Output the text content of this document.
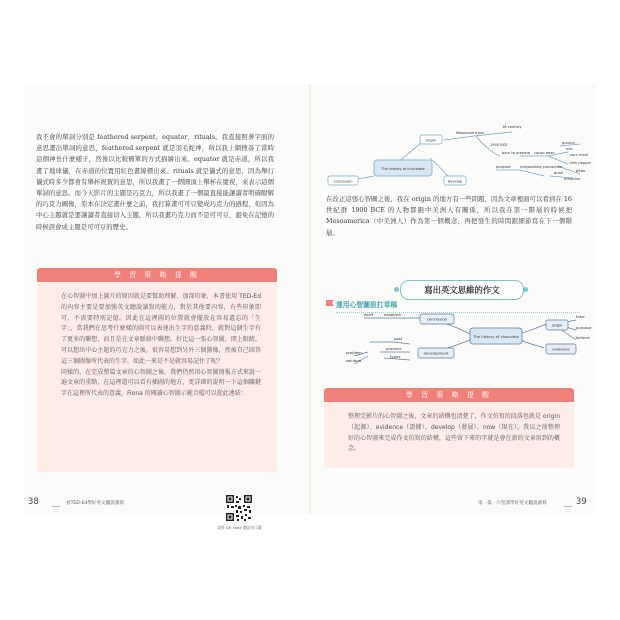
我不會的單詞分別是 feathered serpent、equator、rituals。我直接照著字面的意思畫出單詞的意思，feathered serpent 就是羽毛蛇神，所以我上網搜尋了當時這個神長什麼樣子，然後以比較簡單的方式描繪出來。equator 就是赤道，所以我畫了地球儀，在赤道的位置用紅色畫線標出來。rituals 就是儀式的意思，因為舉行儀式時多少都會有舉杯祝賀的意思，所以我畫了一個圓頂上舉杯在慶祝，來表示這個單詞的意思。而今天影片的主題是巧克力，所以我畫了一個最直接能讓讀者明確瞭解的巧克力圖像，原本在決定畫什麼之前，我打算畫可可豆變成巧克力的過程，但因為中心主題就是要讓讀者直接切入主題，所以我畫巧克力而不是可可豆，避免在記憶的時候誤會成主題是可可豆的歷史。

學 習 策 略 提 醒

在心智圖中加上圖片的原因就是要幫助理解、加深印象，本書使用 TED-Ed 的內容主要是要加強英文聽說讀寫的能力，對於其他要內容，有些印象即可，不需要特別記憶。因此在這裡圖的位置就會擺放在容易遺忘的「生字」，當我們在思考什麼樣的圖可以表達出生字的意義時，就對這個生字有了更多的聯想，而且是在文章脈絡中聯想。好比這一張心智圖，閉上眼睛，可以想出中心主題的巧克力之後，很容易想到另外三個圖像，然後自己回答這三個圖像所代表的生字，如此一來是不是就容易記住了呢？
同樣的，在完成整篇文章的心智圖之後，我們仍然用心智圖簡報方式來說一遍文章的重點，在這裡還可以看有插圖的地方，更詳細的說明一下這個關鍵字在這裡所代表的意義，Fiona 的閱讀心智圖示範音檔可以從此連結：

請掃 QR code 聽語音示範
38	看TED-Ed學好英文聽說讀寫
The history of chocolate
origin
develop
conclusion
Mesoamericans
16 century
1900 BCE
born to prepare cacao bean
ground
mix
corn meal
chili pepper
purpose	invigorating concoction
drink
medicine
bitter

在改正這張心智圖之後，我在 origin 的地方有一些問題，因為文章裡面可以看到在 16 世紀群 1900 BCE 的人物都跟中美洲人有關係，所以我在第一階層的時候把 Mesoamerica（中美洲人）作為第一個概念，再把發生的時間跟細節寫在下一個階層。

寫出英文思維的作文
運用心智圖設打草稿
The history of chocolate
conclusion
itself	establish
development
past
produce
types
problem
solution
origin
time
purpose
believe
evidence
學 習 策 略 提 醒

整理完影片的心智圖之後，文章的結構也清楚了，作文仿寫的段落也就是 origin（起源）、evidence（證據）、develop（發展）、now（現在）。我以之前整理好的心智圖來完成作文仿寫的結構，這些留下來的字就是會在新的文章用到的概念。

第一篇 ‧ 六堂課學好英文聽說讀寫	39
